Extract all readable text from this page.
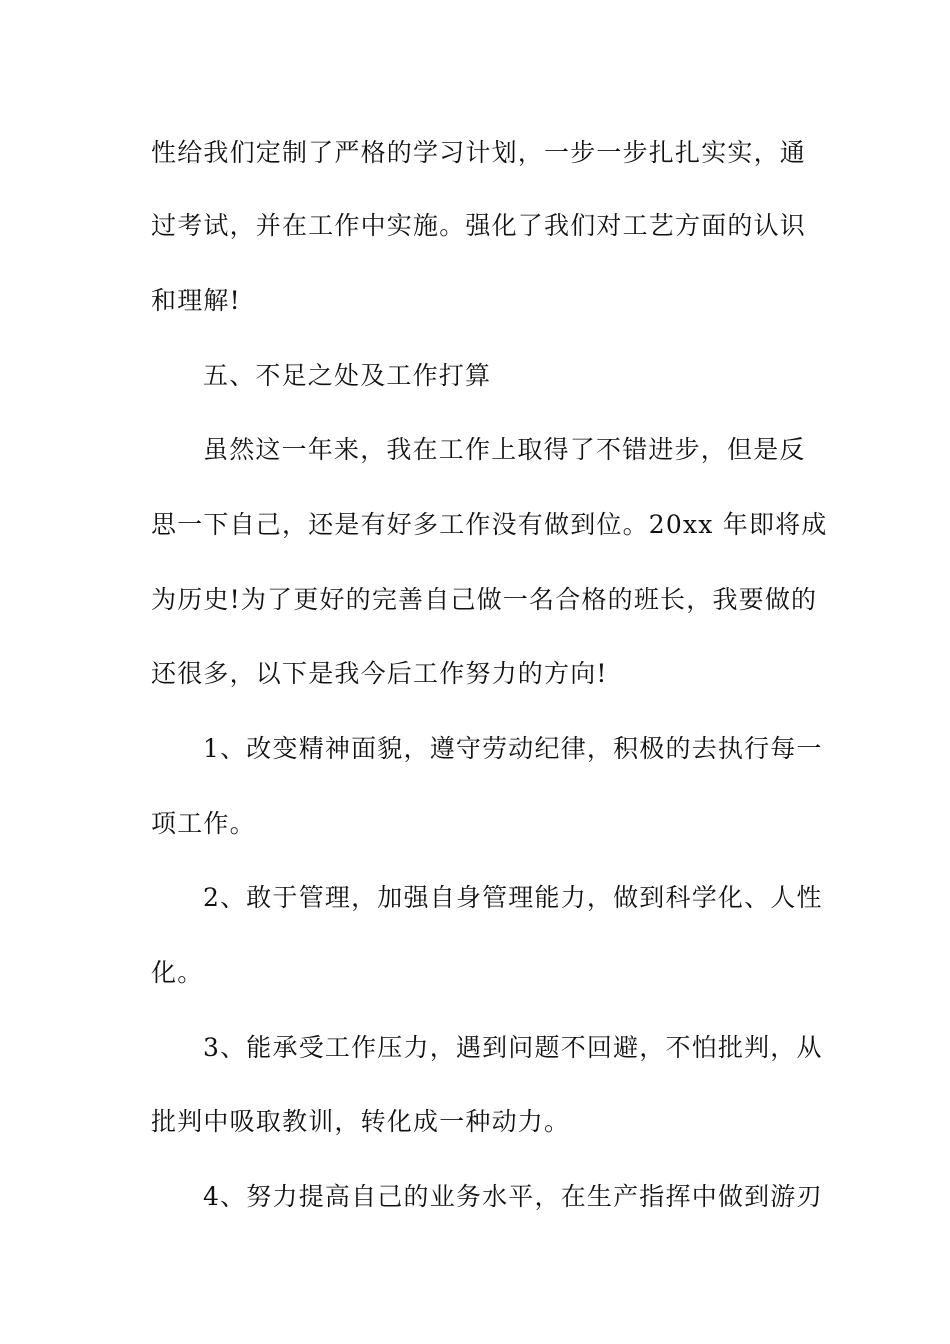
性给我们定制了严格的学习计划，一步一步扎扎实实，通
过考试，并在工作中实施。强化了我们对工艺方面的认识
和理解!
五、不足之处及工作打算
虽然这一年来，我在工作上取得了不错进步，但是反
思一下自己，还是有好多工作没有做到位。20xx 年即将成
为历史!为了更好的完善自己做一名合格的班长，我要做的
还很多，以下是我今后工作努力的方向!
1、改变精神面貌，遵守劳动纪律，积极的去执行每一
项工作。
2、敢于管理，加强自身管理能力，做到科学化、人性
化。
3、能承受工作压力，遇到问题不回避，不怕批判，从
批判中吸取教训，转化成一种动力。
4、努力提高自己的业务水平，在生产指挥中做到游刃
